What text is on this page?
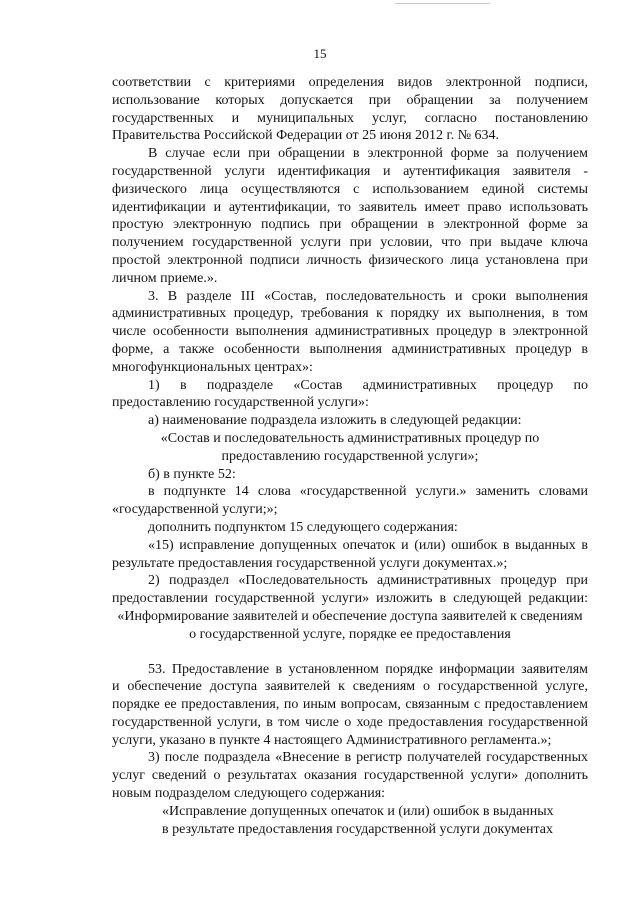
15

соответствии с критериями определения видов электронной подписи,

использование которых допускается при обращении за получением

государственных и муниципальных услуг, согласно постановлению

Правительства Российской Федерации от 25 июня 2012 г. № 634.

В случае если при обращении в электронной форме за получением

государственной услуги идентификация и аутентификация заявителя -

физического лица осуществляются с использованием единой системы

идентификации и аутентификации, то заявитель имеет право использовать

простую электронную подпись при обращении в электронной форме за

получением государственной услуги при условии, что при выдаче ключа

простой электронной подписи личность физического лица установлена при

личном приеме.».

3. В разделе III «Состав, последовательность и сроки выполнения

административных процедур, требования к порядку их выполнения, в том

числе особенности выполнения административных процедур в электронной

форме, а также особенности выполнения административных процедур в

многофункциональных центрах»:

1) в подразделе «Состав административных процедур по

предоставлению государственной услуги»:

а) наименование подраздела изложить в следующей редакции:

«Состав и последовательность административных процедур по

предоставлению государственной услуги»;

б) в пункте 52:

в подпункте 14 слова «государственной услуги.» заменить словами

«государственной услуги;»;

дополнить подпунктом 15 следующего содержания:

«15) исправление допущенных опечаток и (или) ошибок в выданных в

результате предоставления государственной услуги документах.»;

2) подраздел «Последовательность административных процедур при

предоставлении государственной услуги» изложить в следующей редакции:

«Информирование заявителей и обеспечение доступа заявителей к сведениям

о государственной услуге, порядке ее предоставления

53. Предоставление в установленном порядке информации заявителям

и обеспечение доступа заявителей к сведениям о государственной услуге,

порядке ее предоставления, по иным вопросам, связанным с предоставлением

государственной услуги, в том числе о ходе предоставления государственной

услуги, указано в пункте 4 настоящего Административного регламента.»;

3) после подраздела «Внесение в регистр получателей государственных

услуг сведений о результатах оказания государственной услуги» дополнить

новым подразделом следующего содержания:

«Исправление допущенных опечаток и (или) ошибок в выданных

в результате предоставления государственной услуги документах
